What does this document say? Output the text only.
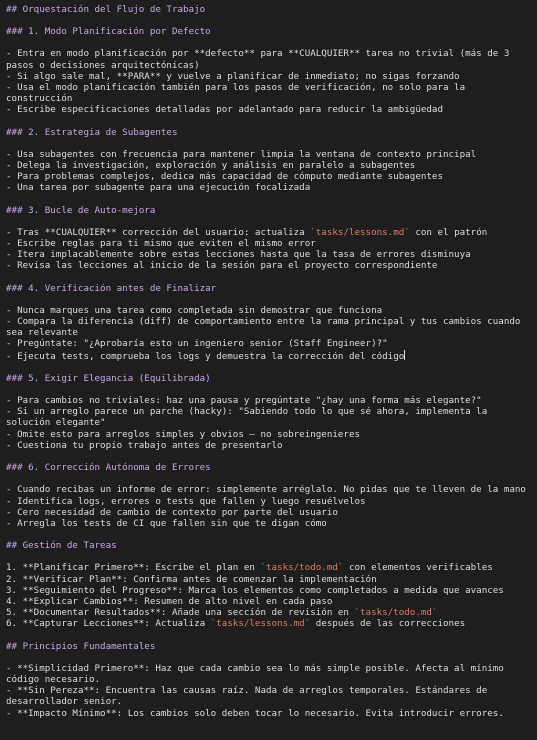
## Orquestación del Flujo de Trabajo
### 1. Modo Planificación por Defecto
- Entra en modo planificación por **defecto** para **CUALQUIER** tarea no trivial (más de 3 pasos o decisiones arquitectónicas)
- Si algo sale mal, **PARA** y vuelve a planificar de inmediato; no sigas forzando
- Usa el modo planificación también para los pasos de verificación, no solo para la construcción
- Escribe especificaciones detalladas por adelantado para reducir la ambigüedad
### 2. Estrategia de Subagentes
- Usa subagentes con frecuencia para mantener limpia la ventana de contexto principal
- Delega la investigación, exploración y análisis en paralelo a subagentes
- Para problemas complejos, dedica más capacidad de cómputo mediante subagentes
- Una tarea por subagente para una ejecución focalizada
### 3. Bucle de Auto-mejora
- Tras **CUALQUIER** corrección del usuario: actualiza `tasks/lessons.md` con el patrón
- Escribe reglas para ti mismo que eviten el mismo error
- Itera implacablemente sobre estas lecciones hasta que la tasa de errores disminuya
- Revisa las lecciones al inicio de la sesión para el proyecto correspondiente
### 4. Verificación antes de Finalizar
- Nunca marques una tarea como completada sin demostrar que funciona
- Compara la diferencia (diff) de comportamiento entre la rama principal y tus cambios cuando sea relevante
- Pregúntate: "¿Aprobaría esto un ingeniero senior (Staff Engineer)?"
- Ejecuta tests, comprueba los logs y demuestra la corrección del código
### 5. Exigir Elegancia (Equilibrada)
- Para cambios no triviales: haz una pausa y pregúntate "¿hay una forma más elegante?"
- Si un arreglo parece un parche (hacky): "Sabiendo todo lo que sé ahora, implementa la solución elegante"
- Omite esto para arreglos simples y obvios — no sobreingenieres
- Cuestiona tu propio trabajo antes de presentarlo
### 6. Corrección Autónoma de Errores
- Cuando recibas un informe de error: simplemente arréglalo. No pidas que te lleven de la mano
- Identifica logs, errores o tests que fallen y luego resuélvelos
- Cero necesidad de cambio de contexto por parte del usuario
- Arregla los tests de CI que fallen sin que te digan cómo
## Gestión de Tareas
1. **Planificar Primero**: Escribe el plan en `tasks/todo.md` con elementos verificables
2. **Verificar Plan**: Confirma antes de comenzar la implementación
3. **Seguimiento del Progreso**: Marca los elementos como completados a medida que avances
4. **Explicar Cambios**: Resumen de alto nivel en cada paso
5. **Documentar Resultados**: Añade una sección de revisión en `tasks/todo.md`
6. **Capturar Lecciones**: Actualiza `tasks/lessons.md` después de las correcciones
## Principios Fundamentales
- **Simplicidad Primero**: Haz que cada cambio sea lo más simple posible. Afecta al mínimo código necesario.
- **Sin Pereza**: Encuentra las causas raíz. Nada de arreglos temporales. Estándares de desarrollador senior.
- **Impacto Mínimo**: Los cambios solo deben tocar lo necesario. Evita introducir errores.
